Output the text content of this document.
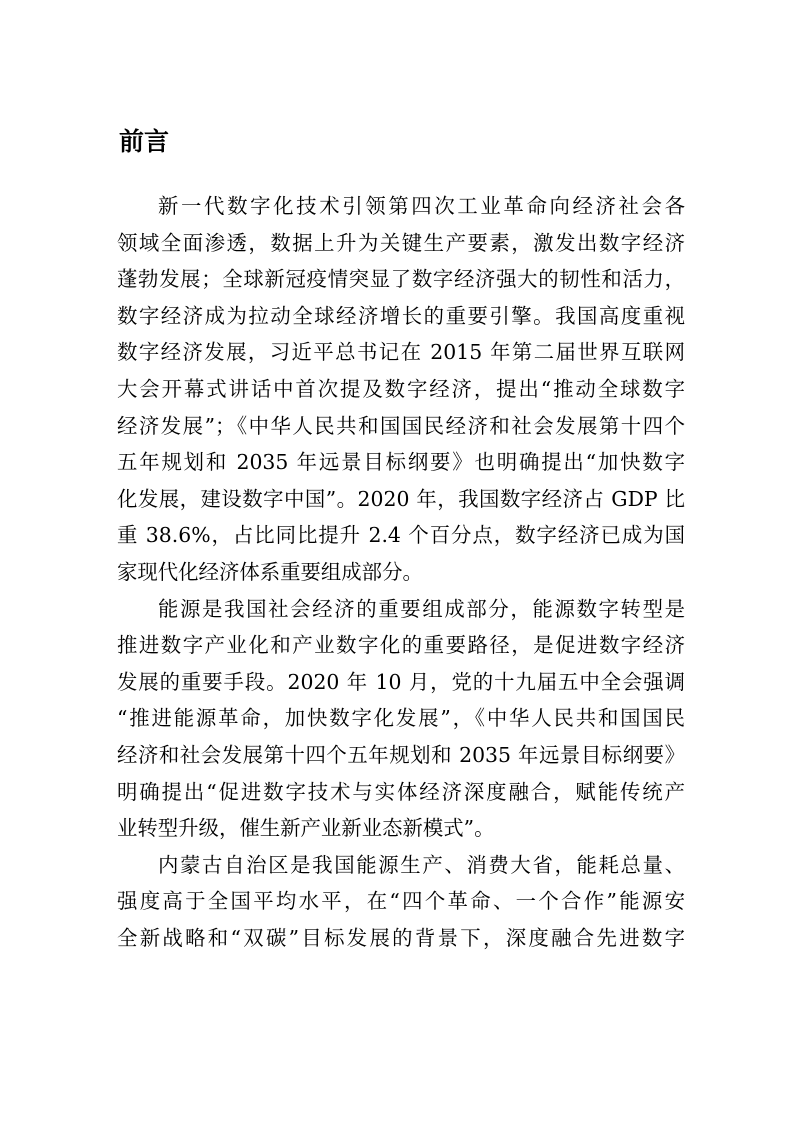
前言
新一代数字化技术引领第四次工业革命向经济社会各
领域全面渗透，数据上升为关键生产要素，激发出数字经济
蓬勃发展；全球新冠疫情突显了数字经济强大的韧性和活力，
数字经济成为拉动全球经济增长的重要引擎。我国高度重视
数字经济发展，习近平总书记在 2015 年第二届世界互联网
大会开幕式讲话中首次提及数字经济，提出“推动全球数字
经济发展”；《中华人民共和国国民经济和社会发展第十四个
五年规划和 2035 年远景目标纲要》也明确提出“加快数字
化发展，建设数字中国”。2020 年，我国数字经济占 GDP 比
重 38.6%，占比同比提升 2.4 个百分点，数字经济已成为国
家现代化经济体系重要组成部分。
能源是我国社会经济的重要组成部分，能源数字转型是
推进数字产业化和产业数字化的重要路径，是促进数字经济
发展的重要手段。2020 年 10 月，党的十九届五中全会强调
“推进能源革命，加快数字化发展”，《中华人民共和国国民
经济和社会发展第十四个五年规划和 2035 年远景目标纲要》
明确提出“促进数字技术与实体经济深度融合，赋能传统产
业转型升级，催生新产业新业态新模式”。
内蒙古自治区是我国能源生产、消费大省，能耗总量、
强度高于全国平均水平，在“四个革命、一个合作”能源安
全新战略和“双碳”目标发展的背景下，深度融合先进数字
